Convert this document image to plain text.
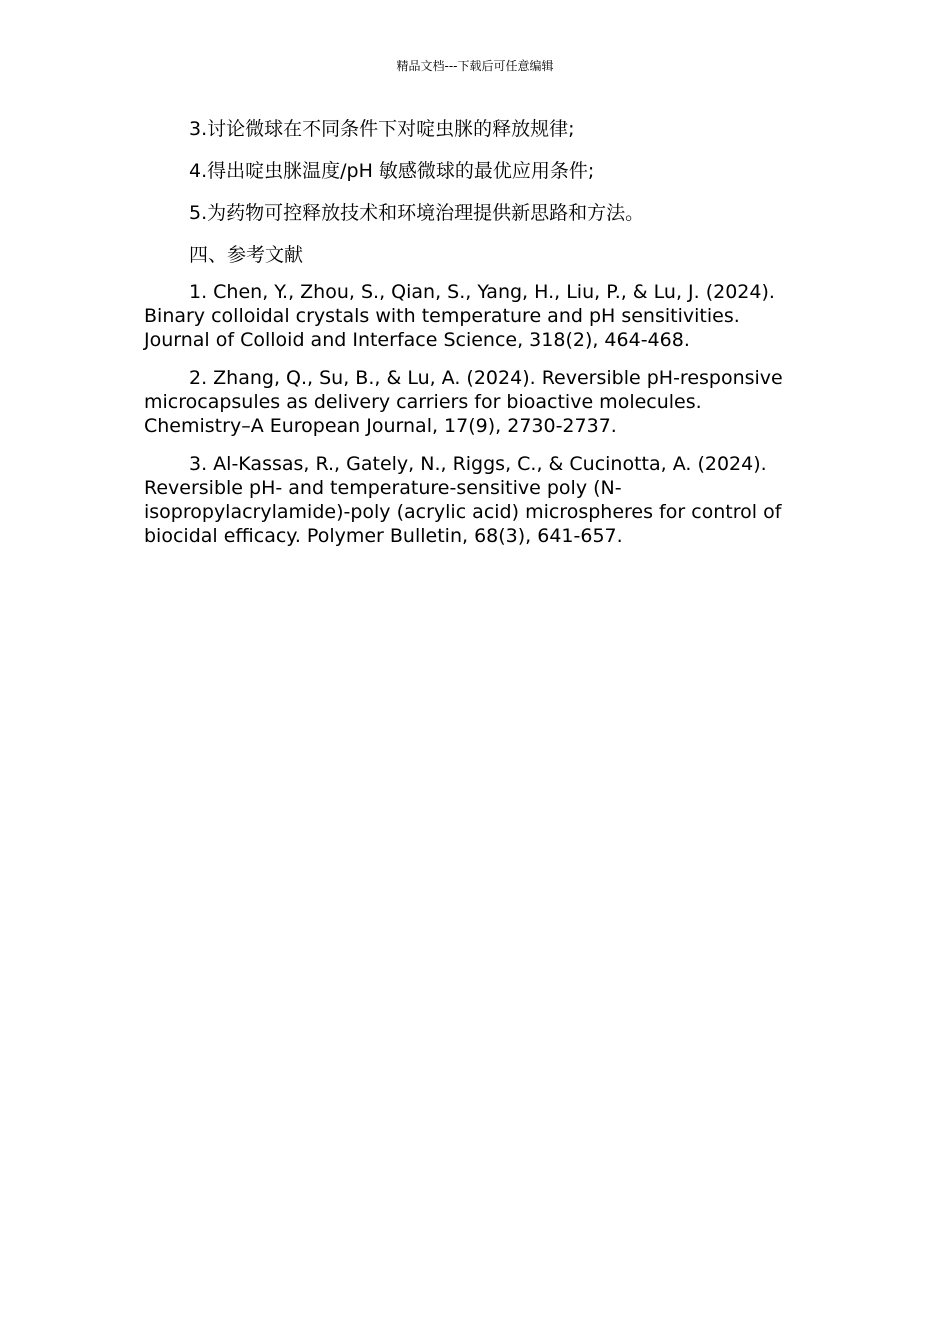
精品文档---下载后可任意编辑

3.讨论微球在不同条件下对啶虫脒的释放规律;

4.得出啶虫脒温度/pH 敏感微球的最优应用条件;

5.为药物可控释放技术和环境治理提供新思路和方法。

四、参考文献

1. Chen, Y., Zhou, S., Qian, S., Yang, H., Liu, P., & Lu, J. (2024). Binary colloidal crystals with temperature and pH sensitivities. Journal of Colloid and Interface Science, 318(2), 464-468.

2. Zhang, Q., Su, B., & Lu, A. (2024). Reversible pH-responsive microcapsules as delivery carriers for bioactive molecules. Chemistry–A European Journal, 17(9), 2730-2737.

3. Al-Kassas, R., Gately, N., Riggs, C., & Cucinotta, A. (2024). Reversible pH- and temperature-sensitive poly (N-isopropylacrylamide)-poly (acrylic acid) microspheres for control of biocidal efficacy. Polymer Bulletin, 68(3), 641-657.
